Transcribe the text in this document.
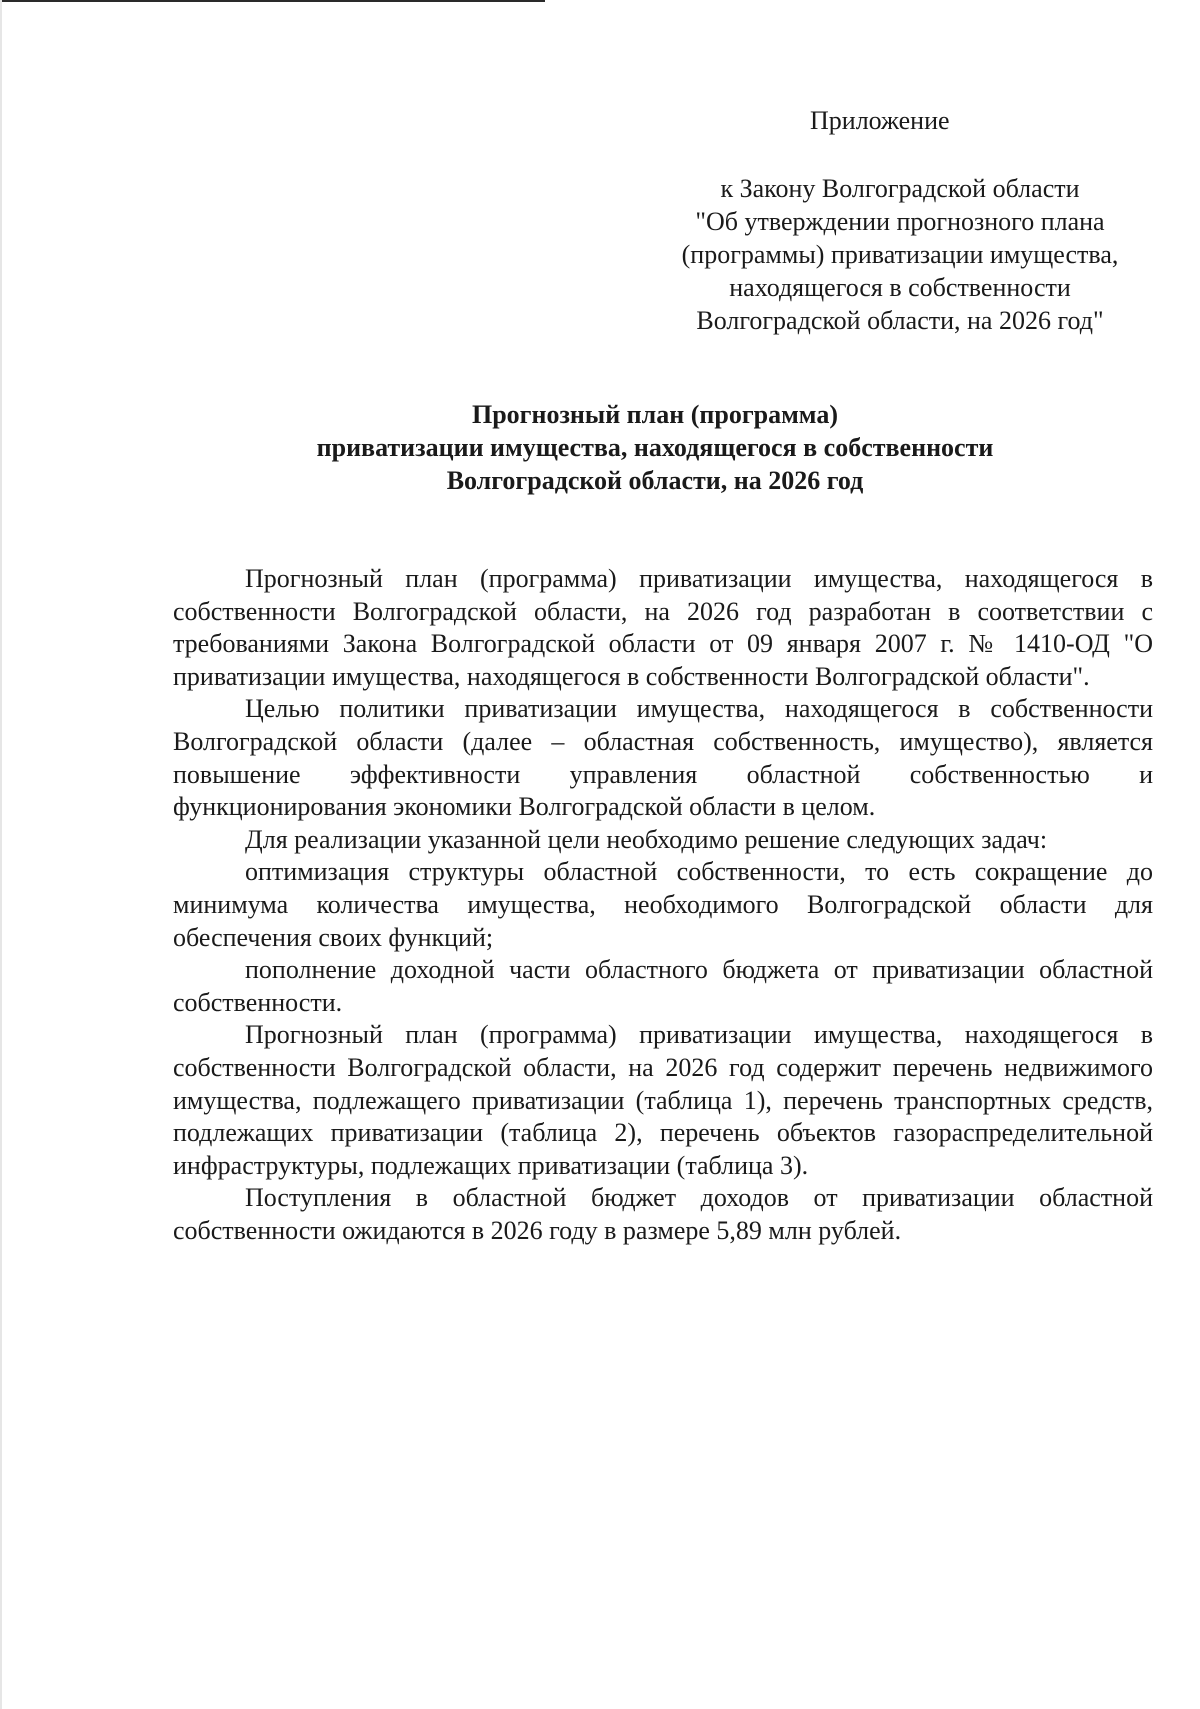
Приложение
к Закону Волгоградской области
"Об утверждении прогнозного плана
(программы) приватизации имущества,
находящегося в собственности
Волгоградской области, на 2026 год"
Прогнозный план (программа)
приватизации имущества, находящегося в собственности
Волгоградской области, на 2026 год

Прогнозный план (программа) приватизации имущества, находящегося в собственности Волгоградской области, на 2026 год разработан в соответствии с требованиями Закона Волгоградской области от 09 января 2007 г. № 1410-ОД "О приватизации имущества, находящегося в собственности Волгоградской области".

Целью политики приватизации имущества, находящегося в собственности Волгоградской области (далее – областная собственность, имущество), является повышение эффективности управления областной собственностью и функционирования экономики Волгоградской области в целом.

Для реализации указанной цели необходимо решение следующих задач:

оптимизация структуры областной собственности, то есть сокращение до минимума количества имущества, необходимого Волгоградской области для обеспечения своих функций;

пополнение доходной части областного бюджета от приватизации областной собственности.

Прогнозный план (программа) приватизации имущества, находящегося в собственности Волгоградской области, на 2026 год содержит перечень недвижимого имущества, подлежащего приватизации (таблица 1), перечень транспортных средств, подлежащих приватизации (таблица 2), перечень объектов газораспределительной инфраструктуры, подлежащих приватизации (таблица 3).

Поступления в областной бюджет доходов от приватизации областной собственности ожидаются в 2026 году в размере 5,89 млн рублей.
